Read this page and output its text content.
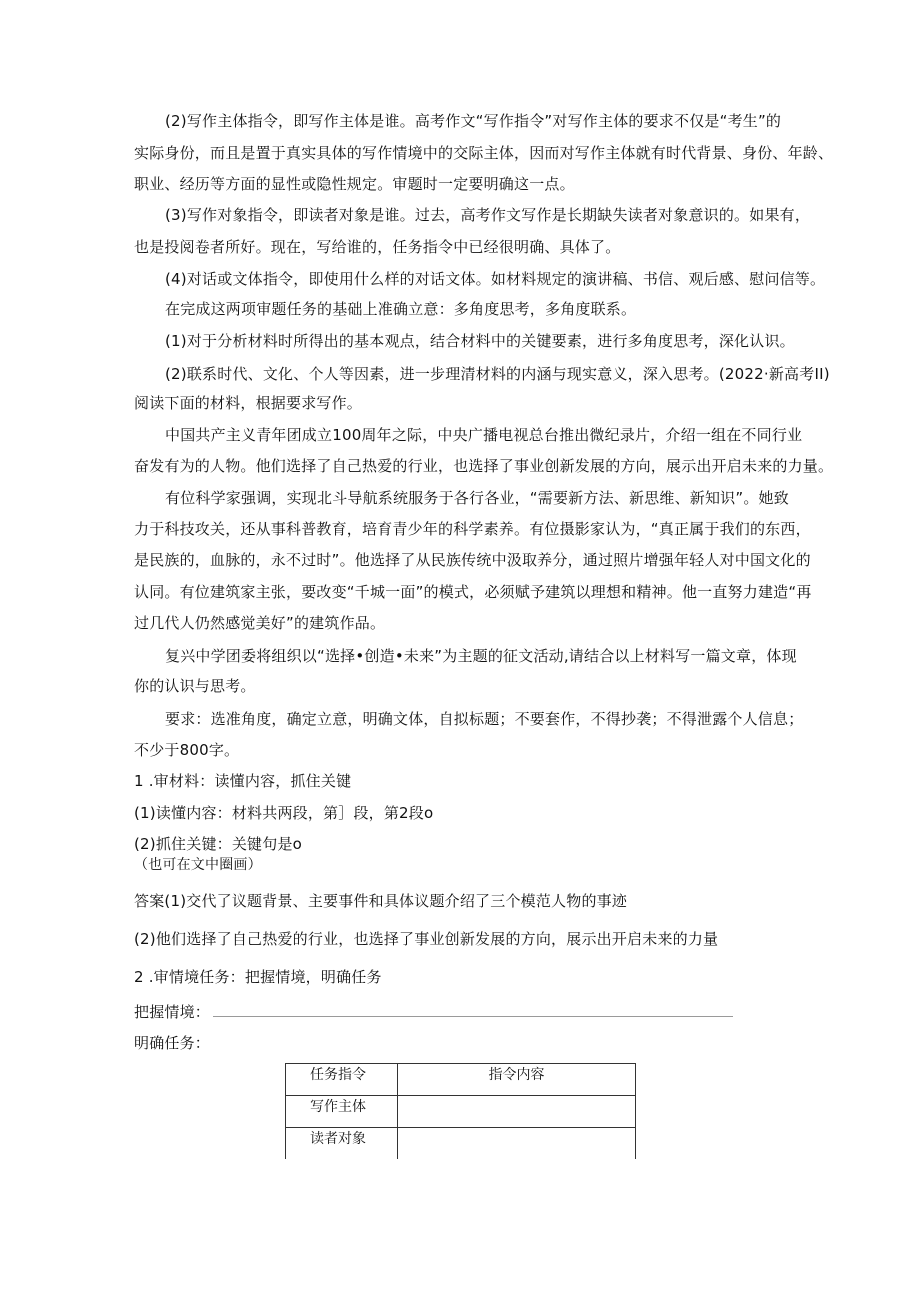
(2)写作主体指令，即写作主体是谁。高考作文“写作指令”对写作主体的要求不仅是“考生”的
实际身份，而且是置于真实具体的写作情境中的交际主体，因而对写作主体就有时代背景、身份、年龄、
职业、经历等方面的显性或隐性规定。审题时一定要明确这一点。
(3)写作对象指令，即读者对象是谁。过去，高考作文写作是长期缺失读者对象意识的。如果有，
也是投阅卷者所好。现在，写给谁的，任务指令中已经很明确、具体了。
(4)对话或文体指令，即使用什么样的对话文体。如材料规定的演讲稿、书信、观后感、慰问信等。
在完成这两项审题任务的基础上准确立意：多角度思考，多角度联系。
(1)对于分析材料时所得出的基本观点，结合材料中的关键要素，进行多角度思考，深化认识。
(2)联系时代、文化、个人等因素，进一步理清材料的内涵与现实意义，深入思考。(2022·新高考II)
阅读下面的材料，根据要求写作。
中国共产主义青年团成立100周年之际，中央广播电视总台推出微纪录片，介绍一组在不同行业
奋发有为的人物。他们选择了自己热爱的行业，也选择了事业创新发展的方向，展示出开启未来的力量。
有位科学家强调，实现北斗导航系统服务于各行各业，“需要新方法、新思维、新知识”。她致
力于科技攻关，还从事科普教育，培育青少年的科学素养。有位摄影家认为，“真正属于我们的东西，
是民族的，血脉的，永不过时”。他选择了从民族传统中汲取养分，通过照片增强年轻人对中国文化的
认同。有位建筑家主张，要改变“千城一面”的模式，必须赋予建筑以理想和精神。他一直努力建造“再
过几代人仍然感觉美好”的建筑作品。
复兴中学团委将组织以“选择•创造•未来”为主题的征文活动,请结合以上材料写一篇文章，体现
你的认识与思考。
要求：选准角度，确定立意，明确文体，自拟标题；不要套作，不得抄袭；不得泄露个人信息；
不少于800字。
1 .审材料：读懂内容，抓住关键
(1)读懂内容：材料共两段，第］段，第2段o
(2)抓住关键：关键句是o
（也可在文中圈画）
答案(1)交代了议题背景、主要事件和具体议题介绍了三个模范人物的事迹
(2)他们选择了自己热爱的行业，也选择了事业创新发展的方向，展示出开启未来的力量
2 .审情境任务：把握情境，明确任务
把握情境：
明确任务：
任务指令	指令内容
写作主体	
读者对象	
